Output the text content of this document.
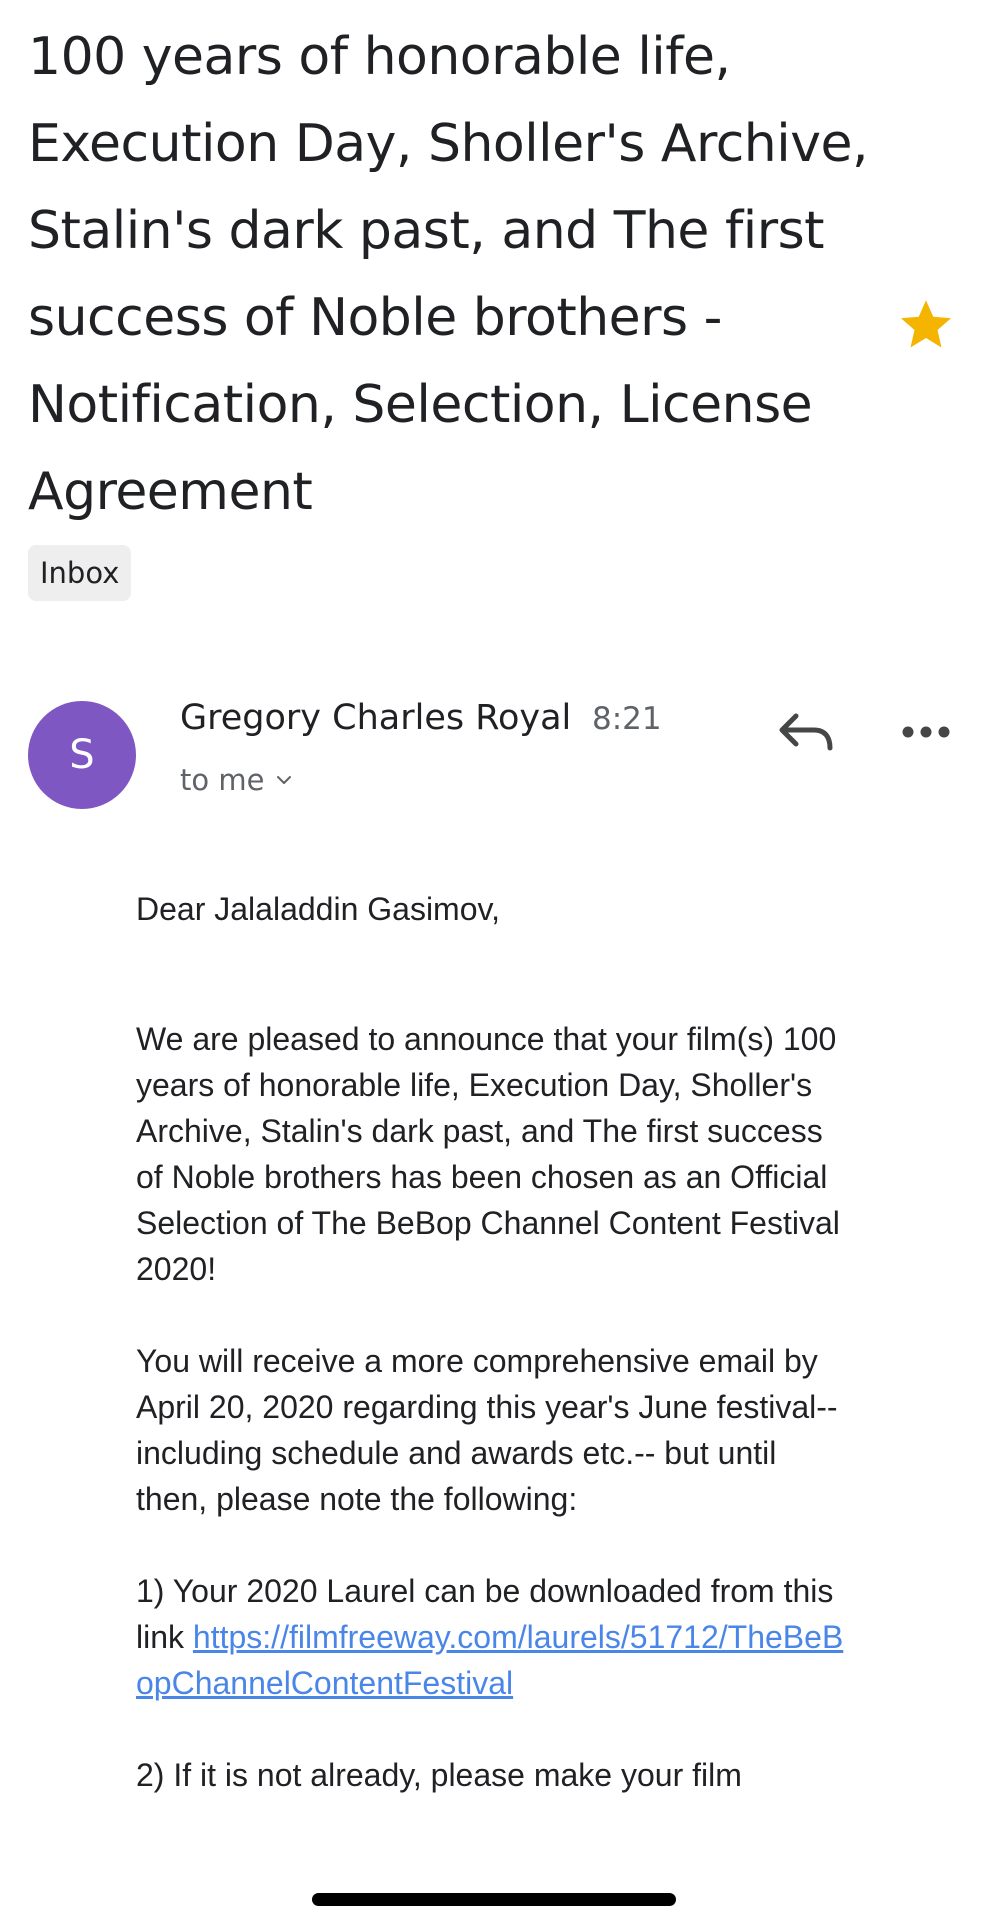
100 years of honorable life, Execution Day, Sholler's Archive, Stalin's dark past, and The first success of Noble brothers - Notification, Selection, License Agreement
Inbox
S
Gregory Charles Royal 8:21
to me

Dear Jalaladdin Gasimov,

We are pleased to announce that your film(s) 100 years of honorable life, Execution Day, Sholler's Archive, Stalin's dark past, and The first success of Noble brothers has been chosen as an Official Selection of The BeBop Channel Content Festival 2020!

You will receive a more comprehensive email by April 20, 2020 regarding this year's June festival-- including schedule and awards etc.-- but until then, please note the following:

1) Your 2020 Laurel can be downloaded from this link https://filmfreeway.com/laurels/51712/TheBeBopChannelContentFestival

2) If it is not already, please make your film
